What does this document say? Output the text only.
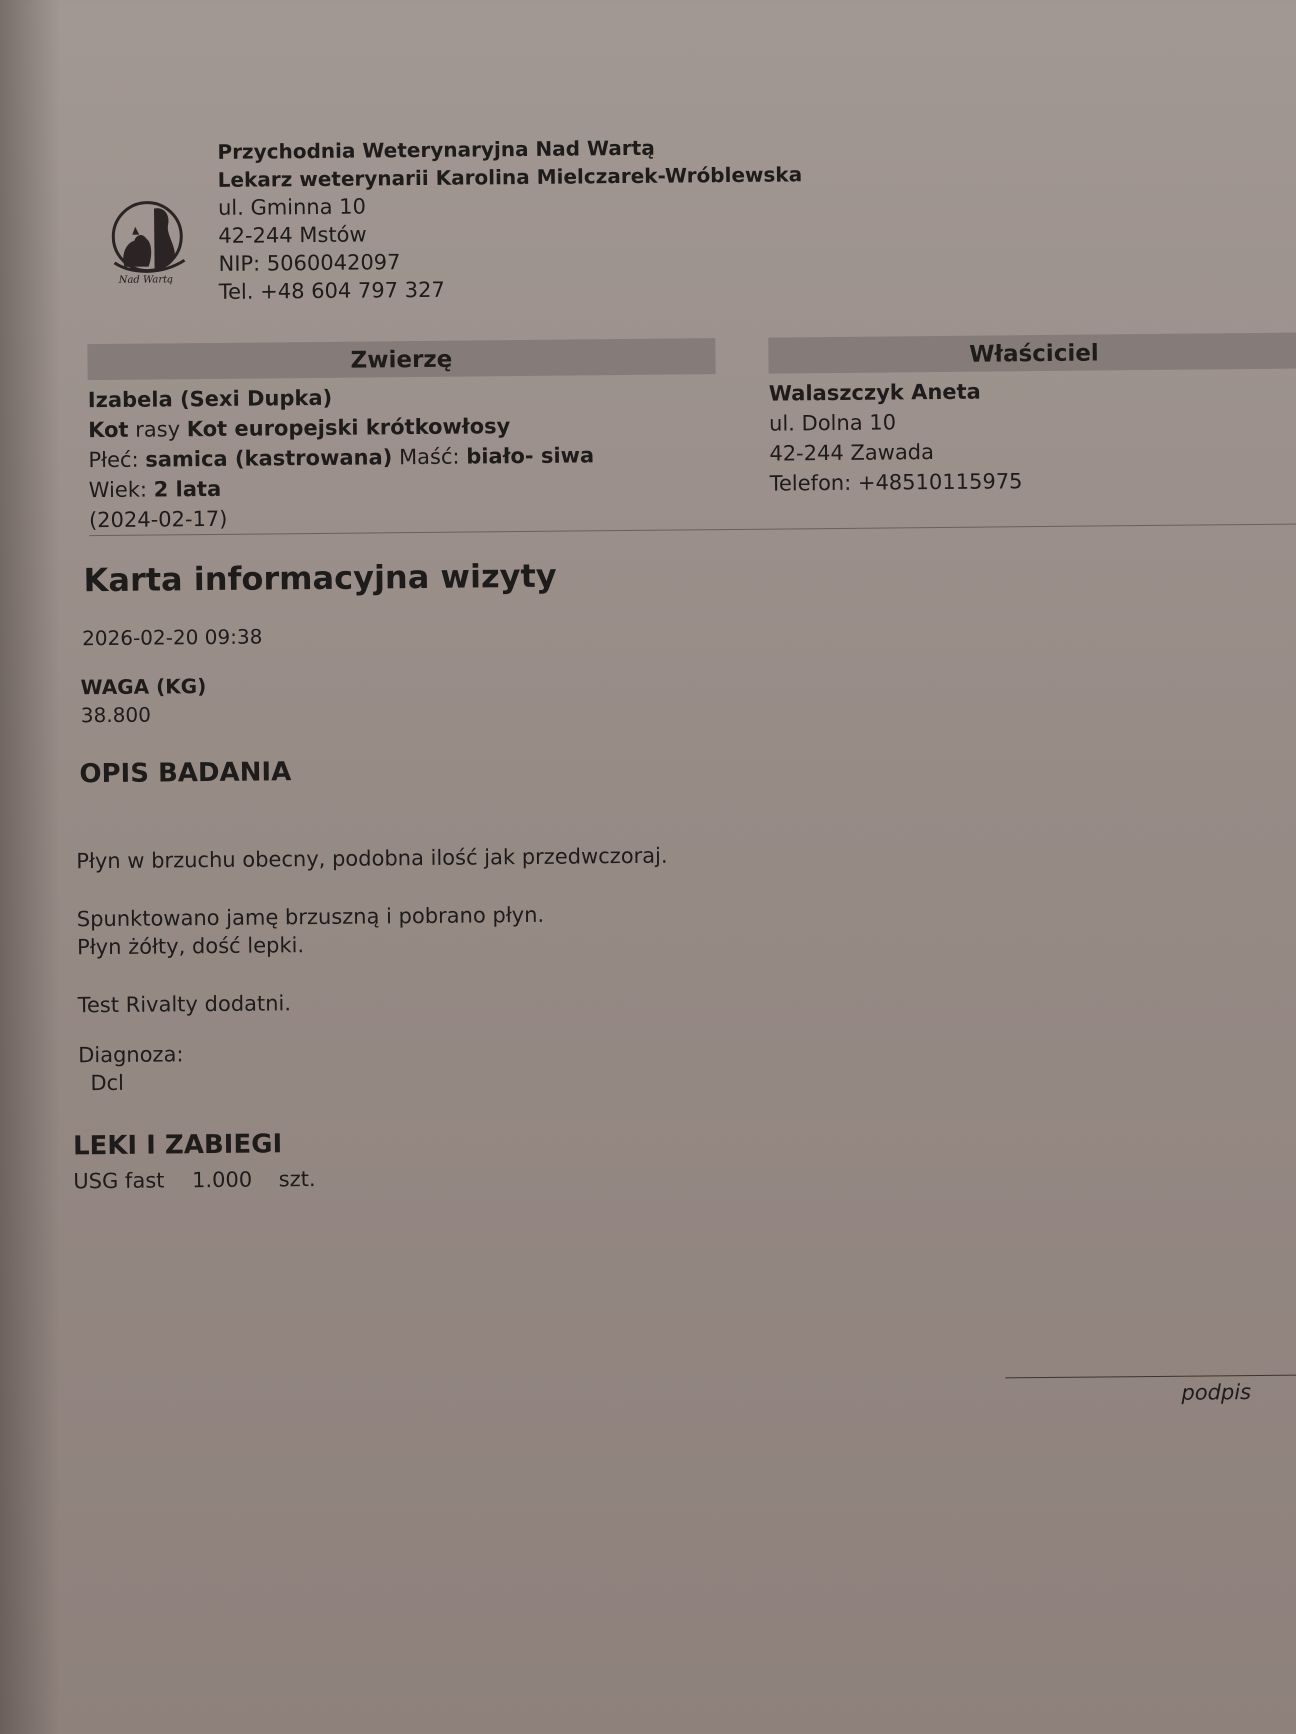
Nad Wartą
Przychodnia Weterynaryjna Nad Wartą
Lekarz weterynarii Karolina Mielczarek-Wróblewska
ul. Gminna 10
42-244 Mstów
NIP: 5060042097
Tel. +48 604 797 327
Zwierzę	Właściciel
Izabela (Sexi Dupka)
Kot rasy Kot europejski krótkowłosy
Płeć: samica (kastrowana) Maść: biało- siwa
Wiek: 2 lata
(2024-02-17)
Walaszczyk Aneta
ul. Dolna 10
42-244 Zawada
Telefon: +48510115975
Karta informacyjna wizyty
2026-02-20 09:38
WAGA (KG)
38.800
OPIS BADANIA
Płyn w brzuchu obecny, podobna ilość jak przedwczoraj.
Spunktowano jamę brzuszną i pobrano płyn.
Płyn żółty, dość lepki.
Test Rivalty dodatni.
Diagnoza:
Dcl
LEKI I ZABIEGI
USG fast 1.000 szt.
podpis
